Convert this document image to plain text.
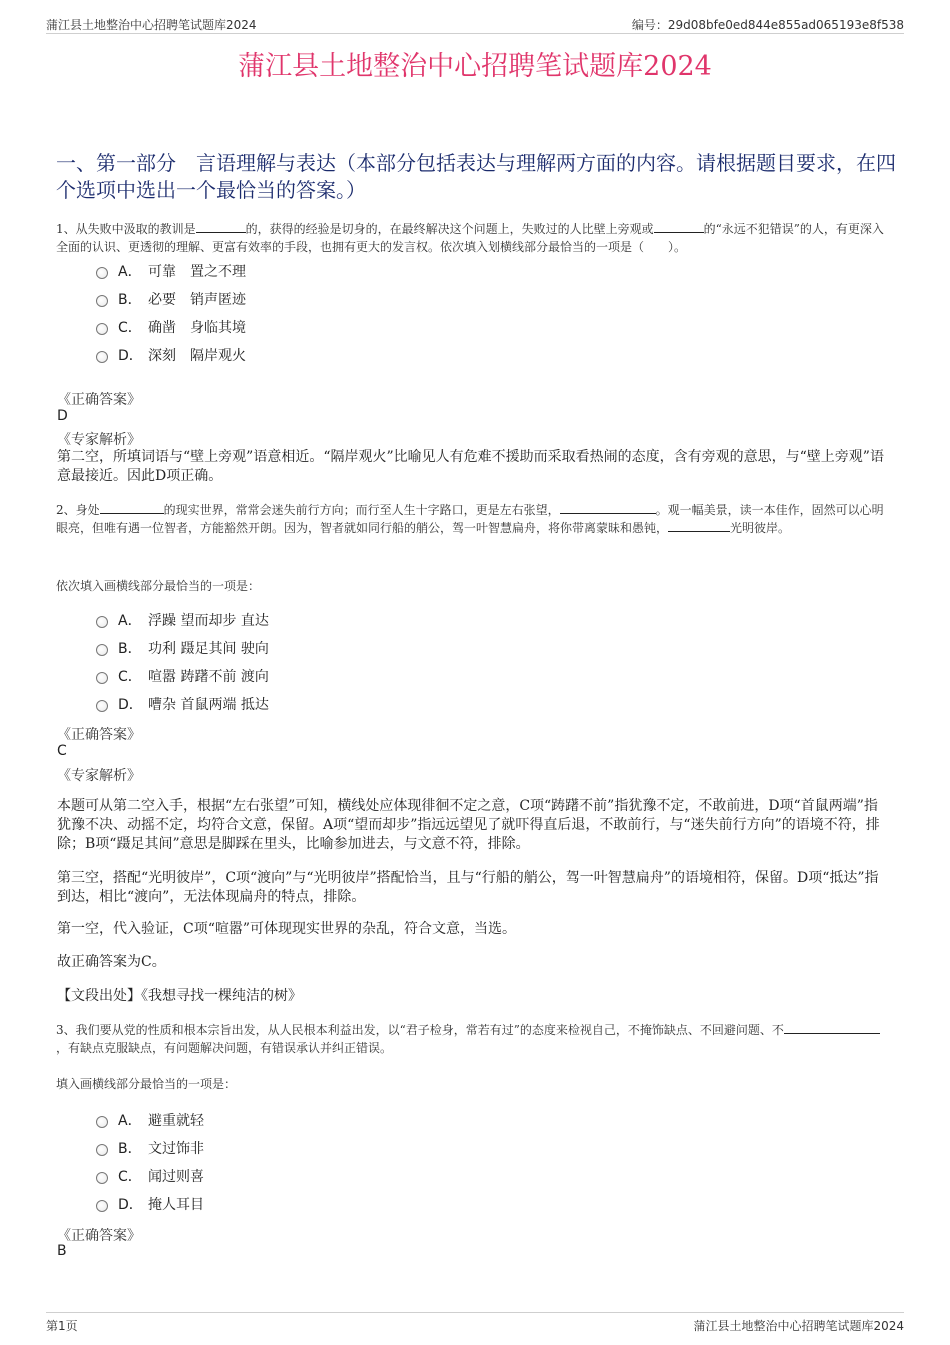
蒲江县土地整治中心招聘笔试题库2024	编号：29d08bfe0ed844e855ad065193e8f538
蒲江县土地整治中心招聘笔试题库2024
一、第一部分　言语理解与表达（本部分包括表达与理解两方面的内容。请根据题目要求，在四个选项中选出一个最恰当的答案。）
1、从失败中汲取的教训是	的，获得的经验是切身的，在最终解决这个问题上，失败过的人比壁上旁观或	的“永远不犯错误”的人，有更深入全面的认识、更透彻的理解、更富有效率的手段，也拥有更大的发言权。依次填入划横线部分最恰当的一项是（　　）。
A． 可靠 置之不理
B． 必要 销声匿迹
C． 确凿 身临其境
D． 深刻 隔岸观火
《正确答案》
D
《专家解析》
第二空，所填词语与“壁上旁观”语意相近。“隔岸观火”比喻见人有危难不援助而采取看热闹的态度，含有旁观的意思，与“壁上旁观”语意最接近。因此D项正确。
2、身处	的现实世界，常常会迷失前行方向；而行至人生十字路口，更是左右张望，	。观一幅美景，读一本佳作，固然可以心明眼亮，但唯有遇一位智者，方能豁然开朗。因为，智者就如同行船的艄公，驾一叶智慧扁舟，将你带离蒙昧和愚钝，	光明彼岸。
依次填入画横线部分最恰当的一项是：
A． 浮躁 望而却步 直达
B． 功利 蹑足其间 驶向
C． 喧嚣 踌躇不前 渡向
D． 嘈杂 首鼠两端 抵达
《正确答案》
C
《专家解析》
本题可从第二空入手，根据“左右张望”可知，横线处应体现徘徊不定之意，C项“踌躇不前”指犹豫不定，不敢前进，D项“首鼠两端”指犹豫不决、动摇不定，均符合文意，保留。A项“望而却步”指远远望见了就吓得直后退，不敢前行，与“迷失前行方向”的语境不符，排除；B项“蹑足其间”意思是脚踩在里头，比喻参加进去，与文意不符，排除。
第三空，搭配“光明彼岸”，C项“渡向”与“光明彼岸”搭配恰当，且与“行船的艄公，驾一叶智慧扁舟”的语境相符，保留。D项“抵达”指到达，相比“渡向”，无法体现扁舟的特点，排除。
第一空，代入验证，C项“喧嚣”可体现现实世界的杂乱，符合文意，当选。
故正确答案为C。
【文段出处】《我想寻找一棵纯洁的树》
3、我们要从党的性质和根本宗旨出发，从人民根本利益出发，以“君子检身，常若有过”的态度来检视自己，不掩饰缺点、不回避问题、不，有缺点克服缺点，有问题解决问题，有错误承认并纠正错误。
填入画横线部分最恰当的一项是：
A． 避重就轻
B． 文过饰非
C． 闻过则喜
D． 掩人耳目
《正确答案》
B
第1页	蒲江县土地整治中心招聘笔试题库2024
